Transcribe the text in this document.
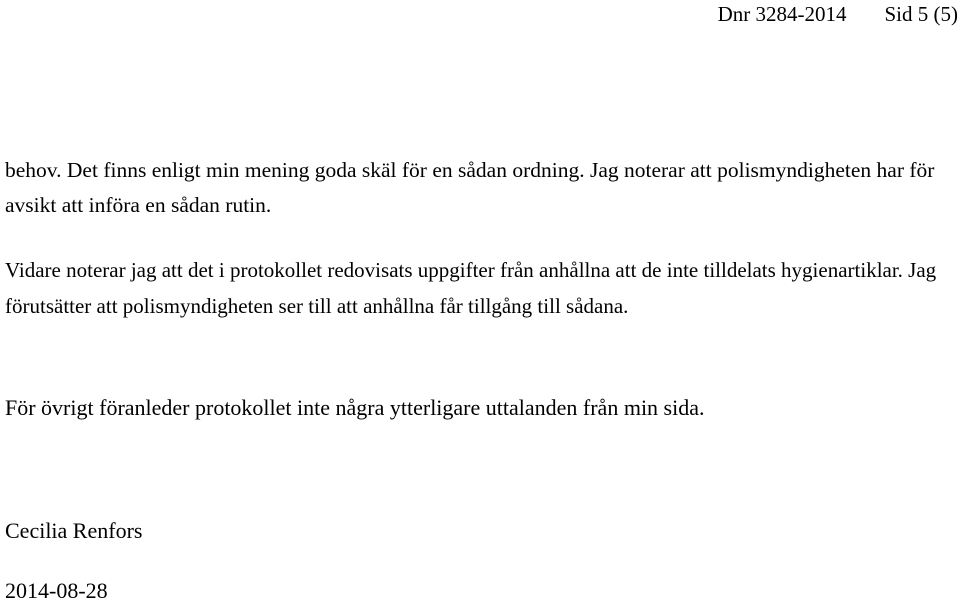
Dnr 3284-2014 Sid 5 (5)

behov. Det finns enligt min mening goda skäl för en sådan ordning. Jag noterar att polismyndigheten har för avsikt att införa en sådan rutin.

Vidare noterar jag att det i protokollet redovisats uppgifter från anhållna att de inte tilldelats hygienartiklar. Jag förutsätter att polismyndigheten ser till att anhållna får tillgång till sådana.

För övrigt föranleder protokollet inte några ytterligare uttalanden från min sida.

Cecilia Renfors

2014-08-28
